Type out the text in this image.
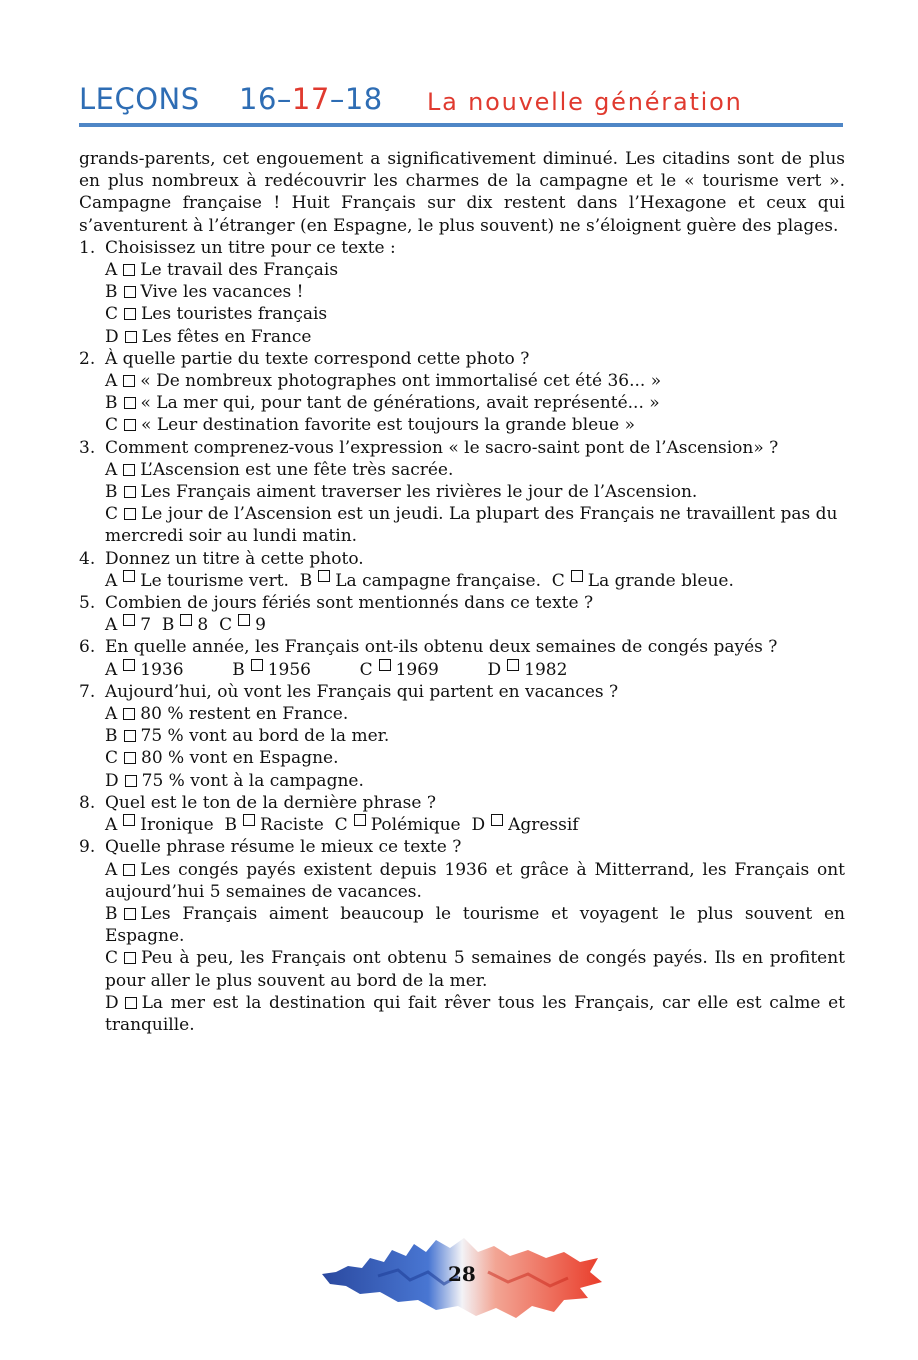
LEÇONS 16–17–18 La nouvelle génération

grands-parents, cet engouement a significativement diminué. Les citadins sont de plus en plus nombreux à redécouvrir les charmes de la campagne et le « tourisme vert ». Campagne française ! Huit Français sur dix restent dans l’Hexagone et ceux qui s’aventurent à l’étranger (en Espagne, le plus souvent) ne s’éloignent guère des plages.

1. Choisissez un titre pour ce texte :
A Le travail des Français
B Vive les vacances !
C Les touristes français
D Les fêtes en France
2. À quelle partie du texte correspond cette photo ?
A « De nombreux photographes ont immortalisé cet été 36... »
B « La mer qui, pour tant de générations, avait représenté... »
C « Leur destination favorite est toujours la grande bleue »
3. Comment comprenez-vous l’expression « le sacro-saint pont de l’Ascension» ?
A L’Ascension est une fête très sacrée.
B Les Français aiment traverser les rivières le jour de l’Ascension.
C Le jour de l’Ascension est un jeudi. La plupart des Français ne travaillent pas du mercredi soir au lundi matin.
4. Donnez un titre à cette photo.
A Le tourisme vert.
B La campagne française.
C La grande bleue.
5. Combien de jours fériés sont mentionnés dans ce texte ?
A 7
B 8
C 9
6. En quelle année, les Français ont-ils obtenu deux semaines de congés payés ?
A 1936
	B 1956
	C 1969
	D 1982
7. Aujourd’hui, où vont les Français qui partent en vacances ?
A 80 % restent en France.
B 75 % vont au bord de la mer.
C 80 % vont en Espagne.
D 75 % vont à la campagne.
8. Quel est le ton de la dernière phrase ?
A Ironique
B Raciste
C Polémique
D Agressif
9. Quelle phrase résume le mieux ce texte ?
A Les congés payés existent depuis 1936 et grâce à Mitterrand, les Français ont aujourd’hui 5 semaines de vacances.
B Les Français aiment beaucoup le tourisme et voyagent le plus souvent en Espagne.
C Peu à peu, les Français ont obtenu 5 semaines de congés payés. Ils en profitent pour aller le plus souvent au bord de la mer.
D La mer est la destination qui fait rêver tous les Français, car elle est calme et tranquille.
28
